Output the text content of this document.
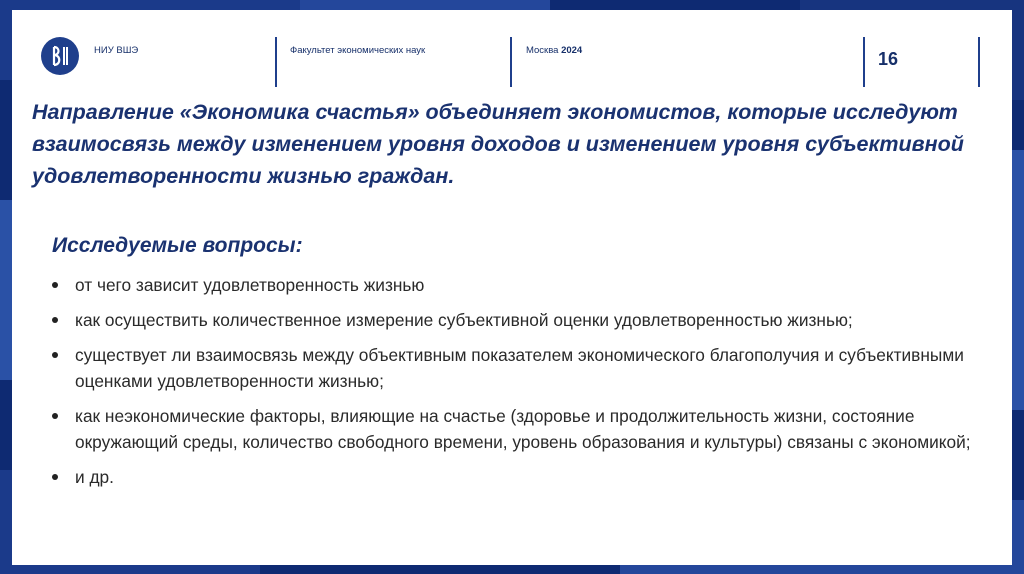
НИУ ВШЭ	Факультет экономических наук	Москва 2024	16
Направление «Экономика счастья» объединяет экономистов, которые исследуют взаимосвязь между изменением уровня доходов и изменением уровня субъективной удовлетворенности жизнью граждан.
Исследуемые вопросы:
от чего зависит удовлетворенность жизнью
как осуществить количественное измерение субъективной оценки удовлетворенностью жизнью;
существует ли взаимосвязь между объективным показателем экономического благополучия и субъективными оценками удовлетворенности жизнью;
как неэкономические факторы, влияющие на счастье (здоровье и продолжительность жизни, состояние окружающий среды, количество свободного времени, уровень образования и культуры) связаны с экономикой;
и др.
